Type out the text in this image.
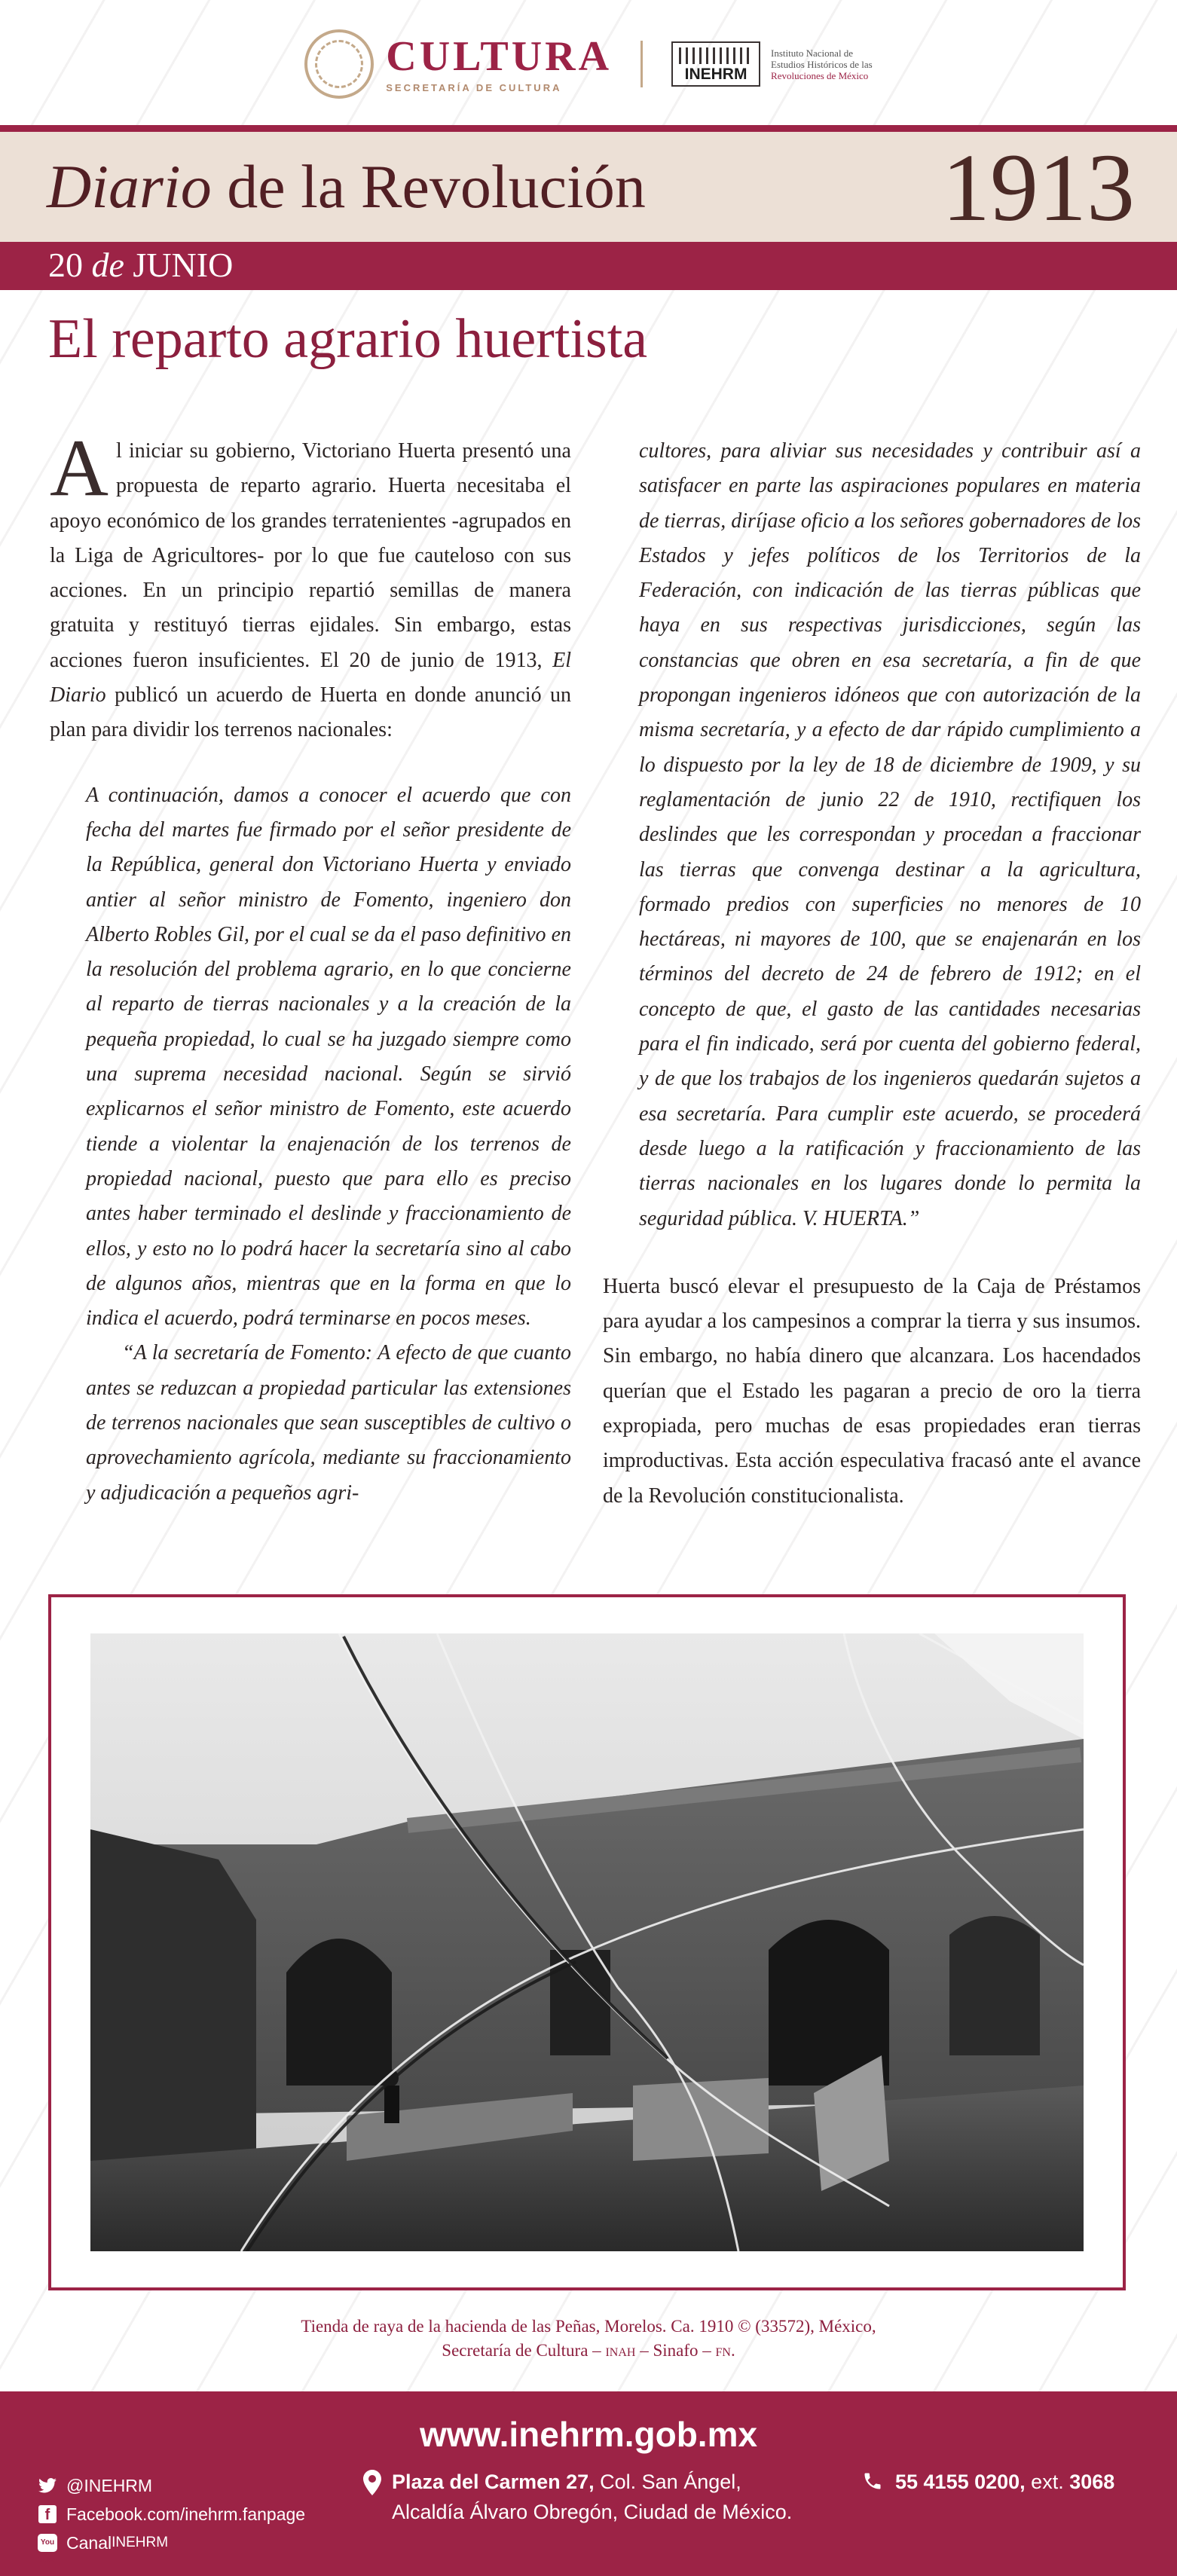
CULTURA
SECRETARÍA DE CULTURA
INEHRM
Instituto Nacional de
Estudios Históricos de las
Revoluciones de México
Diario de la Revolución	1913
20 de JUNIO
El reparto agrario huertista

Al iniciar su gobierno, Victoriano Huerta presentó una propuesta de reparto agrario. Huerta necesitaba el apoyo económico de los grandes terratenientes -agrupados en la Liga de Agricultores- por lo que fue cauteloso con sus acciones. En un principio repartió semillas de manera gratuita y restituyó tierras ejidales. Sin embargo, estas acciones fueron insuficientes. El 20 de junio de 1913, El Diario publicó un acuerdo de Huerta en donde anunció un plan para dividir los terrenos nacionales:

A continuación, damos a conocer el acuerdo que con fecha del martes fue firmado por el señor presidente de la República, general don Victoriano Huerta y enviado antier al señor ministro de Fomento, ingeniero don Alberto Robles Gil, por el cual se da el paso definitivo en la resolución del problema agrario, en lo que concierne al reparto de tierras nacionales y a la creación de la pequeña propiedad, lo cual se ha juzgado siempre como una suprema necesidad nacional. Según se sirvió explicarnos el señor ministro de Fomento, este acuerdo tiende a violentar la enajenación de los terrenos de propiedad nacional, puesto que para ello es preciso antes haber terminado el deslinde y fraccionamiento de ellos, y esto no lo podrá hacer la secretaría sino al cabo de algunos años, mientras que en la forma en que lo indica el acuerdo, podrá terminarse en pocos meses.

“A la secretaría de Fomento: A efecto de que cuanto antes se reduzcan a propiedad particular las extensiones de terrenos nacionales que sean susceptibles de cultivo o aprovechamiento agrícola, mediante su fraccionamiento y adjudicación a pequeños agri-

cultores, para aliviar sus necesidades y contribuir así a satisfacer en parte las aspiraciones populares en materia de tierras, diríjase oficio a los señores gobernadores de los Estados y jefes políticos de los Territorios de la Federación, con indicación de las tierras públicas que haya en sus respectivas jurisdicciones, según las constancias que obren en esa secretaría, a fin de que propongan ingenieros idóneos que con autorización de la misma secretaría, y a efecto de dar rápido cumplimiento a lo dispuesto por la ley de 18 de diciembre de 1909, y su reglamentación de junio 22 de 1910, rectifiquen los deslindes que les correspondan y procedan a fraccionar las tierras que convenga destinar a la agricultura, formado predios con superficies no menores de 10 hectáreas, ni mayores de 100, que se enajenarán en los términos del decreto de 24 de febrero de 1912; en el concepto de que, el gasto de las cantidades necesarias para el fin indicado, será por cuenta del gobierno federal, y de que los trabajos de los ingenieros quedarán sujetos a esa secretaría. Para cumplir este acuerdo, se procederá desde luego a la ratificación y fraccionamiento de las tierras nacionales en los lugares donde lo permita la seguridad pública. V. HUERTA.”

Huerta buscó elevar el presupuesto de la Caja de Préstamos para ayudar a los campesinos a comprar la tierra y sus insumos. Sin embargo, no había dinero que alcanzara. Los hacendados querían que el Estado les pagaran a precio de oro la tierra expropiada, pero muchas de esas propiedades eran tierras improductivas. Esta acción especulativa fracasó ante el avance de la Revolución constitucionalista.

Tienda de raya de la hacienda de las Peñas, Morelos. Ca. 1910 © (33572), México,
Secretaría de Cultura – inah – Sinafo – fn.
www.inehrm.gob.mx
@INEHRM
f Facebook.com/inehrm.fanpage
You Tube
Canal INEHRM
Plaza del Carmen 27, Col. San Ángel,
Alcaldía Álvaro Obregón, Ciudad de México.
55 4155 0200, ext. 3068
